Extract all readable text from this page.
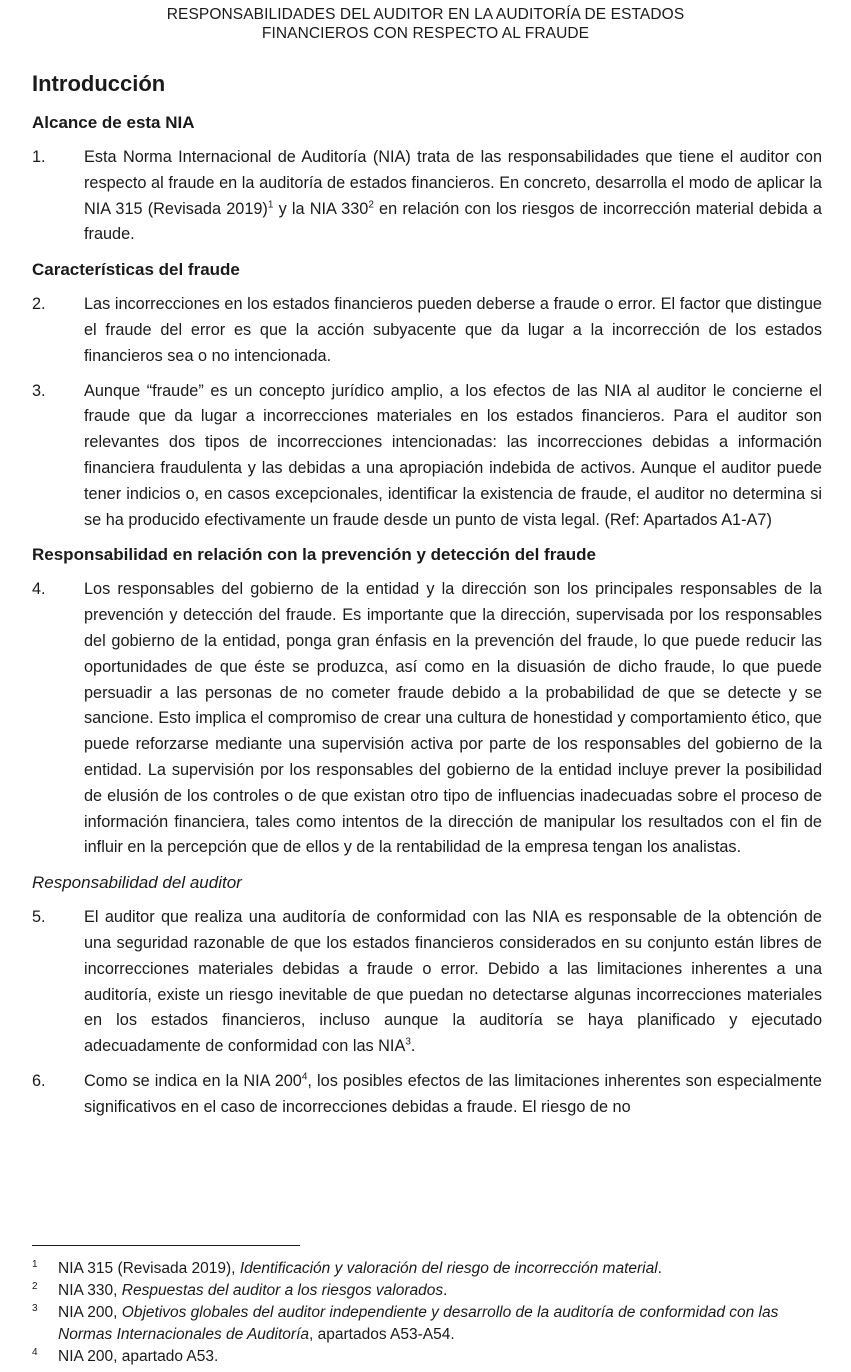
RESPONSABILIDADES DEL AUDITOR EN LA AUDITORÍA DE ESTADOS
FINANCIEROS CON RESPECTO AL FRAUDE
Introducción
Alcance de esta NIA
1.	Esta Norma Internacional de Auditoría (NIA) trata de las responsabilidades que tiene el auditor con respecto al fraude en la auditoría de estados financieros. En concreto, desarrolla el modo de aplicar la NIA 315 (Revisada 2019)$^1$ y la NIA $330^2$ en relación con los riesgos de incorrección material debida a fraude.
Características del fraude
2.	Las incorrecciones en los estados financieros pueden deberse a fraude o error. El factor que distingue el fraude del error es que la acción subyacente que da lugar a la incorrección de los estados financieros sea o no intencionada.
3.	Aunque “fraude” es un concepto jurídico amplio, a los efectos de las NIA al auditor le concierne el fraude que da lugar a incorrecciones materiales en los estados financieros. Para el auditor son relevantes dos tipos de incorrecciones intencionadas: las incorrecciones debidas a información financiera fraudulenta y las debidas a una apropiación indebida de activos. Aunque el auditor puede tener indicios o, en casos excepcionales, identificar la existencia de fraude, el auditor no determina si se ha producido efectivamente un fraude desde un punto de vista legal. (Ref: Apartados A1-A7)
Responsabilidad en relación con la prevención y detección del fraude
4.	Los responsables del gobierno de la entidad y la dirección son los principales responsables de la prevención y detección del fraude. Es importante que la dirección, supervisada por los responsables del gobierno de la entidad, ponga gran énfasis en la prevención del fraude, lo que puede reducir las oportunidades de que éste se produzca, así como en la disuasión de dicho fraude, lo que puede persuadir a las personas de no cometer fraude debido a la probabilidad de que se detecte y se sancione. Esto implica el compromiso de crear una cultura de honestidad y comportamiento ético, que puede reforzarse mediante una supervisión activa por parte de los responsables del gobierno de la entidad. La supervisión por los responsables del gobierno de la entidad incluye prever la posibilidad de elusión de los controles o de que existan otro tipo de influencias inadecuadas sobre el proceso de información financiera, tales como intentos de la dirección de manipular los resultados con el fin de influir en la percepción que de ellos y de la rentabilidad de la empresa tengan los analistas.
Responsabilidad del auditor
5.	El auditor que realiza una auditoría de conformidad con las NIA es responsable de la obtención de una seguridad razonable de que los estados financieros considerados en su conjunto están libres de incorrecciones materiales debidas a fraude o error. Debido a las limitaciones inherentes a una auditoría, existe un riesgo inevitable de que puedan no detectarse algunas incorrecciones materiales en los estados financieros, incluso aunque la auditoría se haya planificado y ejecutado adecuadamente de conformidad con las NIA$^3$.
6.	Como se indica en la NIA $200^4$, los posibles efectos de las limitaciones inherentes son especialmente significativos en el caso de incorrecciones debidas a fraude. El riesgo de no
1	NIA 315 (Revisada 2019), Identificación y valoración del riesgo de incorrección material.
2	NIA 330, Respuestas del auditor a los riesgos valorados.
3	NIA 200, Objetivos globales del auditor independiente y desarrollo de la auditoría de conformidad con las Normas Internacionales de Auditoría, apartados A53-A54.
4	NIA 200, apartado A53.
